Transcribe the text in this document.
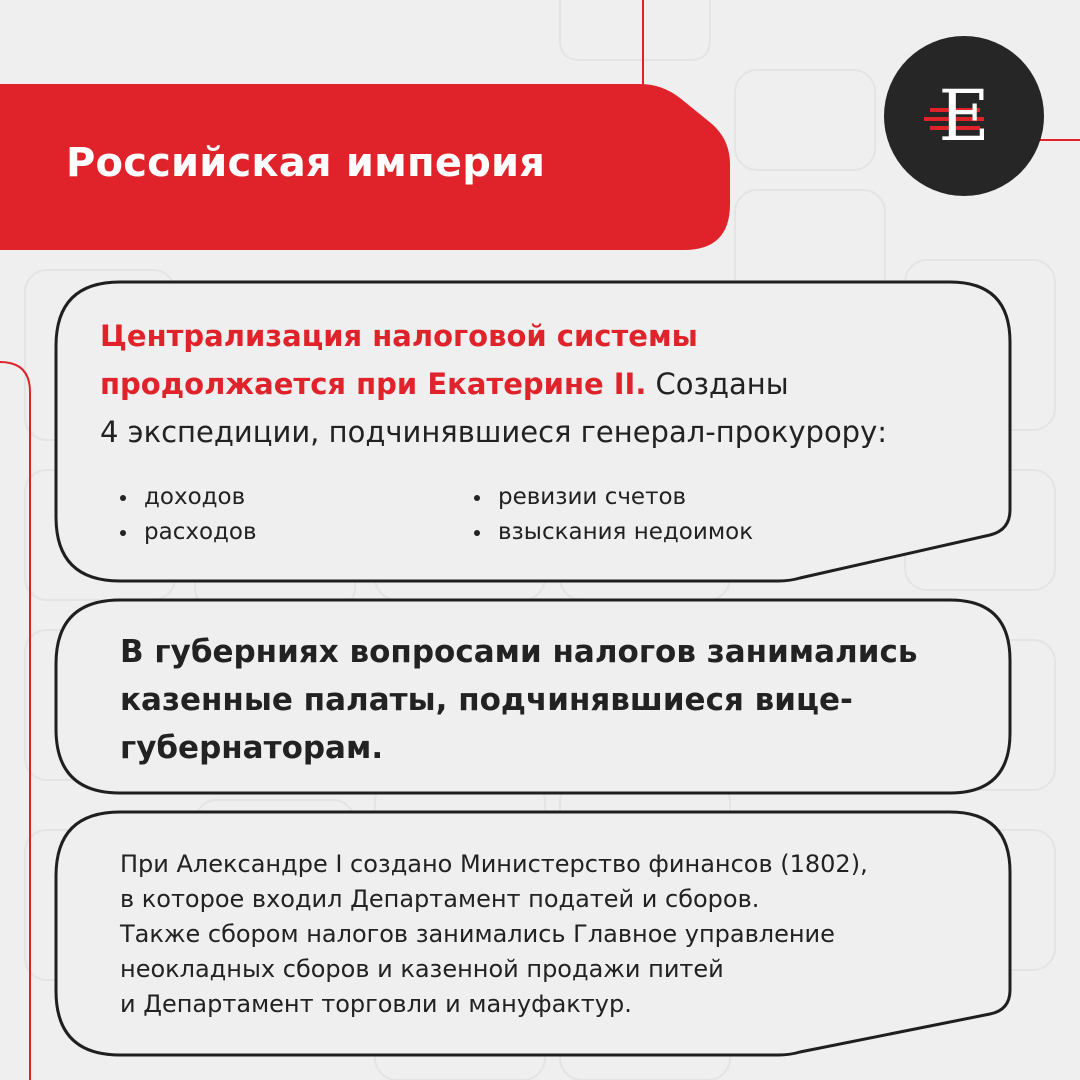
Российская империя
Е
Централизация налоговой системы
продолжается при Екатерине II. Созданы
4 экспедиции, подчинявшиеся генерал-прокурору:
доходов
расходов
ревизии счетов
взыскания недоимок
В губерниях вопросами налогов занимались
казенные палаты, подчинявшиеся вице-
губернаторам.
При Александре I создано Министерство финансов (1802),
в которое входил Департамент податей и сборов.
Также сбором налогов занимались Главное управление
неокладных сборов и казенной продажи питей
и Департамент торговли и мануфактур.
